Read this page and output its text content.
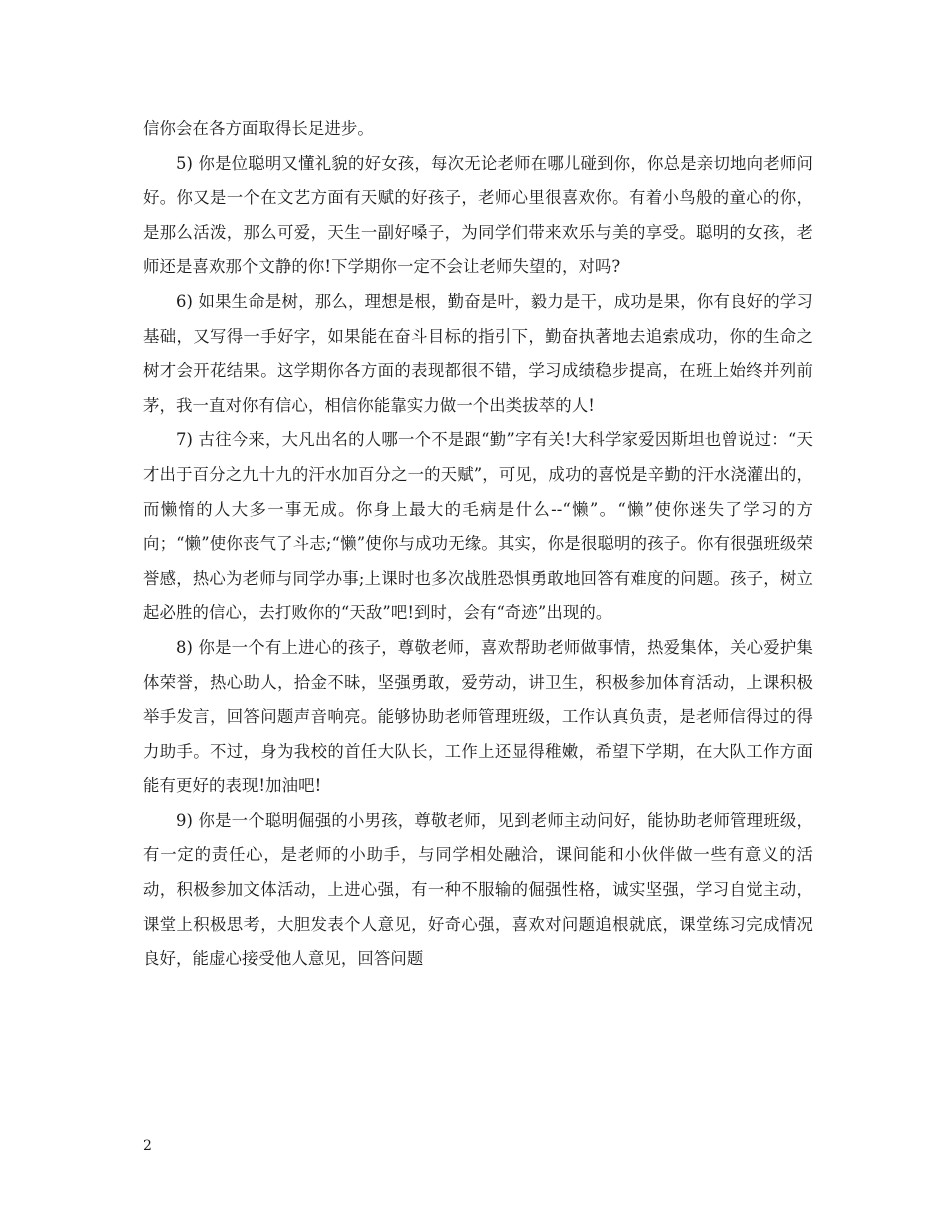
信你会在各方面取得长足进步。

5) 你是位聪明又懂礼貌的好女孩，每次无论老师在哪儿碰到你，你总是亲切地向老师问好。你又是一个在文艺方面有天赋的好孩子，老师心里很喜欢你。有着小鸟般的童心的你，是那么活泼，那么可爱，天生一副好嗓子，为同学们带来欢乐与美的享受。聪明的女孩，老师还是喜欢那个文静的你!下学期你一定不会让老师失望的，对吗?

6) 如果生命是树，那么，理想是根，勤奋是叶，毅力是干，成功是果，你有良好的学习基础，又写得一手好字，如果能在奋斗目标的指引下，勤奋执著地去追索成功，你的生命之树才会开花结果。这学期你各方面的表现都很不错，学习成绩稳步提高，在班上始终并列前茅，我一直对你有信心，相信你能靠实力做一个出类拔萃的人!

7) 古往今来，大凡出名的人哪一个不是跟“勤”字有关!大科学家爱因斯坦也曾说过：“天才出于百分之九十九的汗水加百分之一的天赋”，可见，成功的喜悦是辛勤的汗水浇灌出的，而懒惰的人大多一事无成。你身上最大的毛病是什么--“懒”。“懒”使你迷失了学习的方向；“懒”使你丧气了斗志;“懒”使你与成功无缘。其实，你是很聪明的孩子。你有很强班级荣誉感，热心为老师与同学办事;上课时也多次战胜恐惧勇敢地回答有难度的问题。孩子，树立起必胜的信心，去打败你的“天敌”吧!到时，会有“奇迹”出现的。

8) 你是一个有上进心的孩子，尊敬老师，喜欢帮助老师做事情，热爱集体，关心爱护集体荣誉，热心助人，拾金不昧，坚强勇敢，爱劳动，讲卫生，积极参加体育活动，上课积极举手发言，回答问题声音响亮。能够协助老师管理班级，工作认真负责，是老师信得过的得力助手。不过，身为我校的首任大队长，工作上还显得稚嫩，希望下学期，在大队工作方面能有更好的表现!加油吧!

9) 你是一个聪明倔强的小男孩，尊敬老师，见到老师主动问好，能协助老师管理班级，有一定的责任心，是老师的小助手，与同学相处融洽，课间能和小伙伴做一些有意义的活动，积极参加文体活动，上进心强，有一种不服输的倔强性格，诚实坚强，学习自觉主动，课堂上积极思考，大胆发表个人意见，好奇心强，喜欢对问题追根就底，课堂练习完成情况良好，能虚心接受他人意见，回答问题

2
